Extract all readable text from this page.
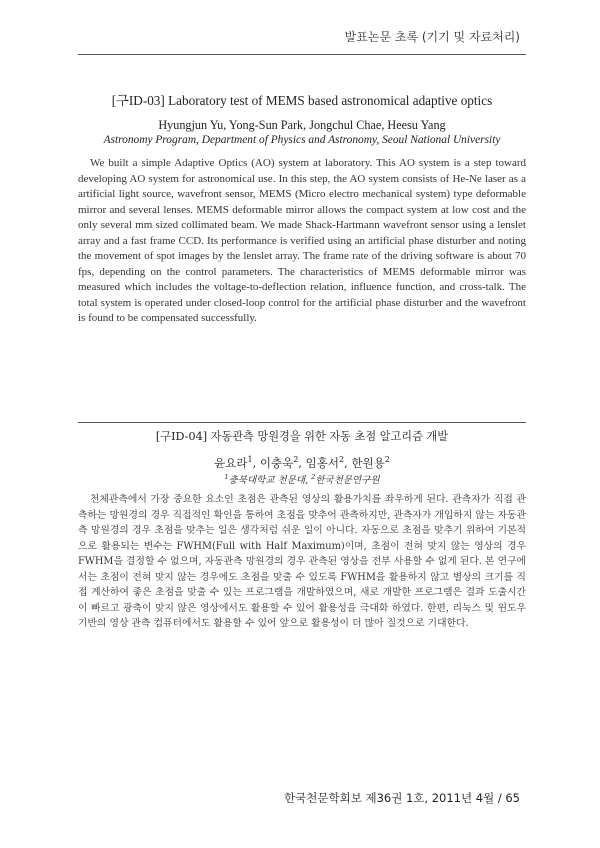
발표논문 초록 (기기 및 자료처리)
[구ID-03] Laboratory test of MEMS based astronomical adaptive optics
Hyungjun Yu, Yong-Sun Park, Jongchul Chae, Heesu Yang
Astronomy Program, Department of Physics and Astronomy, Seoul National University

We built a simple Adaptive Optics (AO) system at laboratory. This AO system is a step toward developing AO system for astronomical use. In this step, the AO system consists of He-Ne laser as a artificial light source, wavefront sensor, MEMS (Micro electro mechanical system) type deformable mirror and several lenses. MEMS deformable mirror allows the compact system at low cost and the only several mm sized collimated beam. We made Shack-Hartmann wavefront sensor using a lenslet array and a fast frame CCD. Its performance is verified using an artificial phase disturber and noting the movement of spot images by the lenslet array. The frame rate of the driving software is about 70 fps, depending on the control parameters. The characteristics of MEMS deformable mirror was measured which includes the voltage-to-deflection relation, influence function, and cross-talk. The total system is operated under closed-loop control for the artificial phase disturber and the wavefront is found to be compensated successfully.

[구ID-04] 자동관측 망원경을 위한 자동 초점 알고리즘 개발
윤요라$^1$, 이충욱$^2$, 임홍서$^2$, 한원용$^2$
$^1$충북대학교 천문대, $^2$한국천문연구원

천체관측에서 가장 중요한 요소인 초점은 관측된 영상의 활용가치를 좌우하게 된다. 관측자가 직접 관측하는 망원경의 경우 직접적인 확인을 통하여 초점을 맞추어 관측하지만, 관측자가 개입하지 않는 자동관측 망원경의 경우 초점을 맞추는 일은 생각처럼 쉬운 일이 아니다. 자동으로 초점을 맞추기 위하여 기본적으로 활용되는 변수는 FWHM(Full with Half Maximum)이며, 초점이 전혀 맞지 않는 영상의 경우 FWHM을 결정할 수 없으며, 자동관측 망원경의 경우 관측된 영상을 전부 사용할 수 없게 된다. 본 연구에서는 초점이 전혀 맞지 않는 경우에도 초점을 맞출 수 있도록 FWHM을 활용하지 않고 별상의 크기를 직접 계산하여 좋은 초점을 맞출 수 있는 프로그램을 개발하였으며, 새로 개발한 프로그램은 결과 도출시간이 빠르고 광축이 맞지 않은 영상에서도 활용할 수 있어 활용성을 극대화 하였다. 한편, 리눅스 및 윈도우 기반의 영상 관측 컴퓨터에서도 활용할 수 있어 앞으로 활용성이 더 많아 질것으로 기대한다.

한국천문학회보 제36권 1호, 2011년 4월 / 65
